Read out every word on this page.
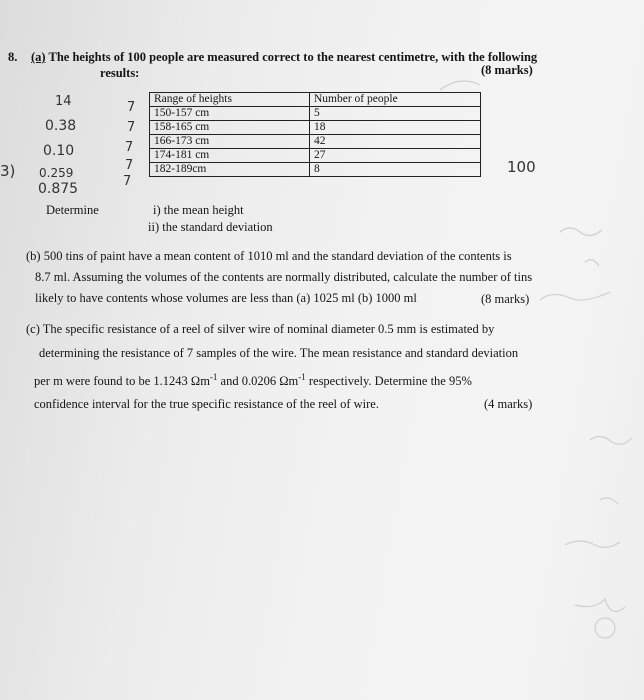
8. (a) The heights of 100 people are measured correct to the nearest centimetre, with the following
results:	(8 marks)
14
0.38
0.10
3) 0.259
0.875
7
7
7
7
7
Range of heights	Number of people
150-157 cm	5
158-165 cm	18
166-173 cm	42
174-181 cm	27
182-189cm	8	100
Determine	i) the mean height
ii) the standard deviation
(b) 500 tins of paint have a mean content of 1010 ml and the standard deviation of the contents is
8.7 ml. Assuming the volumes of the contents are normally distributed, calculate the number of tins
likely to have contents whose volumes are less than (a) 1025 ml (b) 1000 ml	(8 marks)
(c) The specific resistance of a reel of silver wire of nominal diameter 0.5 mm is estimated by
determining the resistance of 7 samples of the wire. The mean resistance and standard deviation
per m were found to be 1.1243 $\Omega m^{-1}$ and 0.0206 $\Omega m^{-1}$ respectively. Determine the 95%
confidence interval for the true specific resistance of the reel of wire.	(4 marks)
